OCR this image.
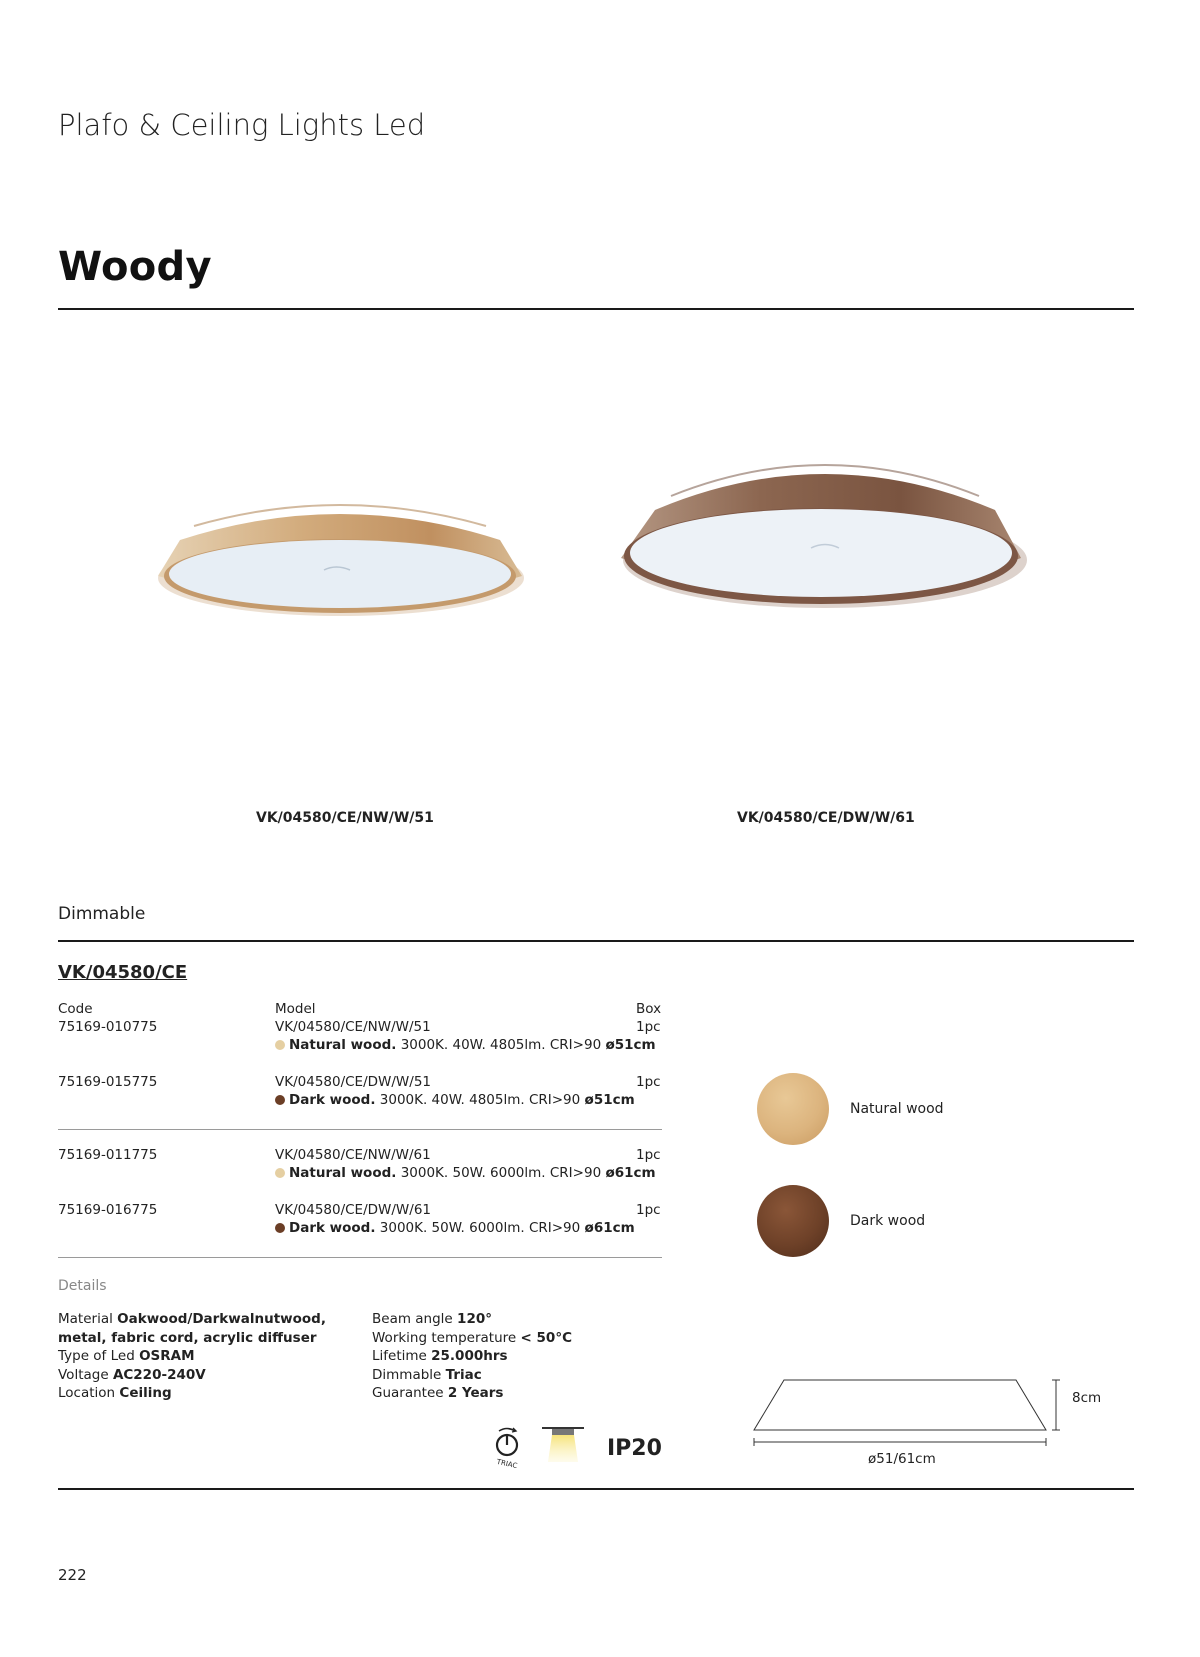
Plafo & Ceiling Lights Led
Woody
VK/04580/CE/NW/W/51	VK/04580/CE/DW/W/61
Dimmable
VK/04580/CE
Code	Model	Box
75169-010775	VK/04580/CE/NW/W/51	1pc
Natural wood. 3000K. 40W. 4805lm. CRI>90 ø51cm
75169-015775	VK/04580/CE/DW/W/51	1pc
Dark wood. 3000K. 40W. 4805lm. CRI>90 ø51cm
75169-011775	VK/04580/CE/NW/W/61	1pc
Natural wood. 3000K. 50W. 6000lm. CRI>90 ø61cm
75169-016775	VK/04580/CE/DW/W/61	1pc
Dark wood. 3000K. 50W. 6000lm. CRI>90 ø61cm
Natural wood
Dark wood
Details
Material Oakwood/Darkwalnutwood, metal, fabric cord, acrylic diffuser
Type of Led OSRAM
Voltage AC220-240V
Location Ceiling
Beam angle 120°
Working temperature < 50°C
Lifetime 25.000hrs
Dimmable Triac
Guarantee 2 Years
TRIAC
IP20
8cm
ø51/61cm
222
